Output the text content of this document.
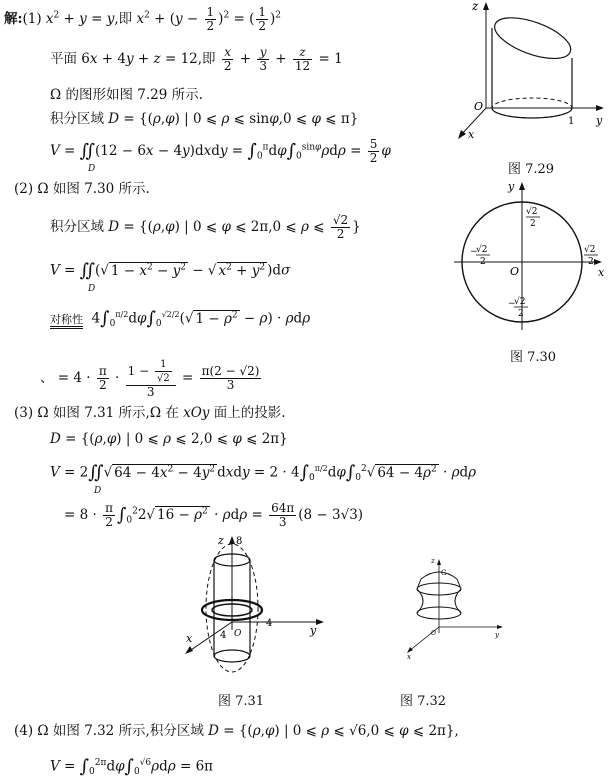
解:(1) $x^2 + y = y$,即 $x^2 + (y - \frac{1}{2} )^2$ = ( $\frac{1}{2} )^2$
平面 6x + 4y + z = 12,即 $\frac{x}{2} + \frac{y}{3} + \frac{z}{12} = 1$
Ω 的图形如图 7.29 所示.
积分区域 D = {(ρ,φ) | 0 ⩽ ρ ⩽ sinφ,0 ⩽ φ ⩽ π}
V = ∬(12 − 6x − 4y)dxdy = $\int_0^\pi d\varphi\int_0^{sin\varphi}\rho d\rho = \frac{5}{2}$ φ
D
(2) Ω 如图 7.30 所示.
积分区域 D = {(ρ,φ) | 0 ⩽ φ ⩽ 2π,0 ⩽ ρ ⩽ $\frac{√2}{2}$ }
V = ∬(√ $1 - x^2 - y^2$ − √ $x^2 + y^2$ )dσ
D
对称性  $4\int_0^{\pi/2}d\varphi\int_0^{√2/2}(√$ $1 - \rho^2 - \rho) \cdot \rho d\rho$
、 = $4 \cdot \frac{\pi}{2} \cdot \frac{1 - \frac{1}{√2}}{3} = \frac{\pi(2 - √2)}{3}$
(3) Ω 如图 7.31 所示,Ω 在 xOy 面上的投影.
D = {(ρ,φ) | 0 ⩽ ρ ⩽ 2,0 ⩽ φ ⩽ 2π}
V = 2∬√ $64 - 4x^2 - 4y^2$ dxdy = $2 \cdot 4\int_0^{\pi/2}d\varphi\int_0^2√$ $64 - 4\rho^2 \cdot \rho d\rho$
D
= $8 \cdot \frac{\pi}{2} \int_0^22√$ $16 - \rho^2 \cdot \rho d\rho = \frac{64\pi}{3} (8 - 3√3)$
(4) Ω 如图 7.32 所示,积分区域 D = {(ρ,φ) | 0 ⩽ ρ ⩽ √6,0 ⩽ φ ⩽ 2π},
$V = \int_0^{2\pi}d\varphi\int_0^{√6}\rho d\rho = 6\pi$
z
O
x
y
1
图 7.29
y
x
O
√2
2
−
√2
2
−
√2
2
√2
2
图 7.30
z 8
4
4	y
x	O
图 7.31
z
G
y
x
O
图 7.32
